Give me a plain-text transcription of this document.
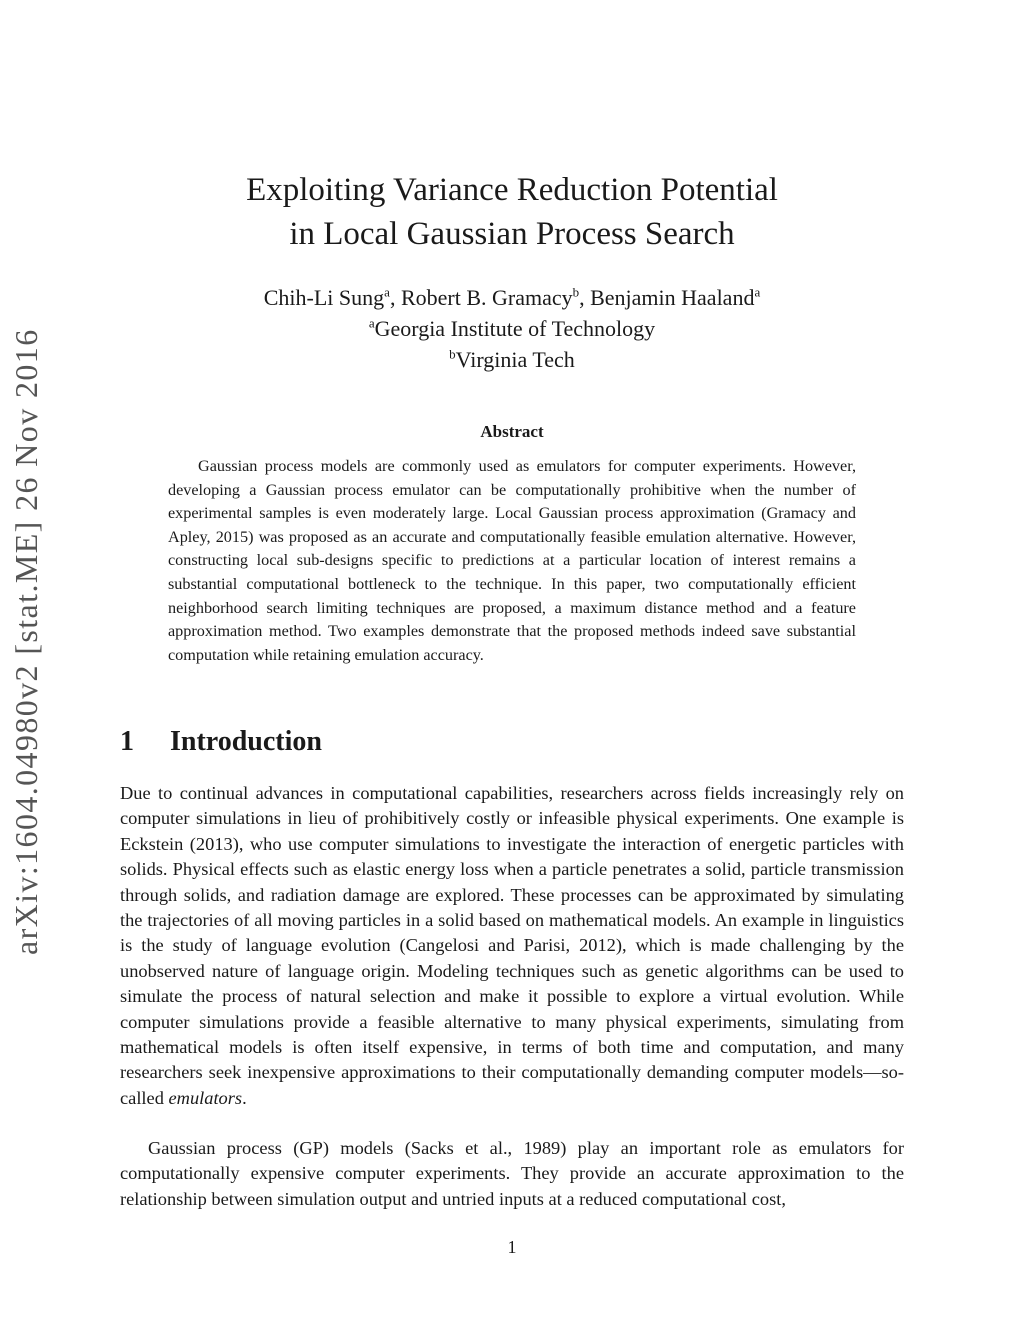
arXiv:1604.04980v2 [stat.ME] 26 Nov 2016
Exploiting Variance Reduction Potential
in Local Gaussian Process Search
Chih-Li Sung$^a$, Robert B. Gramacy$^b$, Benjamin Haaland$^a$
$^a$Georgia Institute of Technology
$^b$Virginia Tech
Abstract

Gaussian process models are commonly used as emulators for computer experiments. However, developing a Gaussian process emulator can be computationally prohibitive when the number of experimental samples is even moderately large. Local Gaussian process approximation (Gramacy and Apley, 2015) was proposed as an accurate and computationally feasible emulation alternative. However, constructing local sub-designs specific to predictions at a particular location of interest remains a substantial computational bottleneck to the technique. In this paper, two computationally efficient neighborhood search limiting techniques are proposed, a maximum distance method and a feature approximation method. Two examples demonstrate that the proposed methods indeed save substantial computation while retaining emulation accuracy.

1 Introduction

Due to continual advances in computational capabilities, researchers across fields increasingly rely on computer simulations in lieu of prohibitively costly or infeasible physical experiments. One example is Eckstein (2013), who use computer simulations to investigate the interaction of energetic particles with solids. Physical effects such as elastic energy loss when a particle penetrates a solid, particle transmission through solids, and radiation damage are explored. These processes can be approximated by simulating the trajectories of all moving particles in a solid based on mathematical models. An example in linguistics is the study of language evolution (Cangelosi and Parisi, 2012), which is made challenging by the unobserved nature of language origin. Modeling techniques such as genetic algorithms can be used to simulate the process of natural selection and make it possible to explore a virtual evolution. While computer simulations provide a feasible alternative to many physical experiments, simulating from mathematical models is often itself expensive, in terms of both time and computation, and many researchers seek inexpensive approximations to their computationally demanding computer models—so-called emulators.

Gaussian process (GP) models (Sacks et al., 1989) play an important role as emulators for computationally expensive computer experiments. They provide an accurate approximation to the relationship between simulation output and untried inputs at a reduced computational cost,

1
